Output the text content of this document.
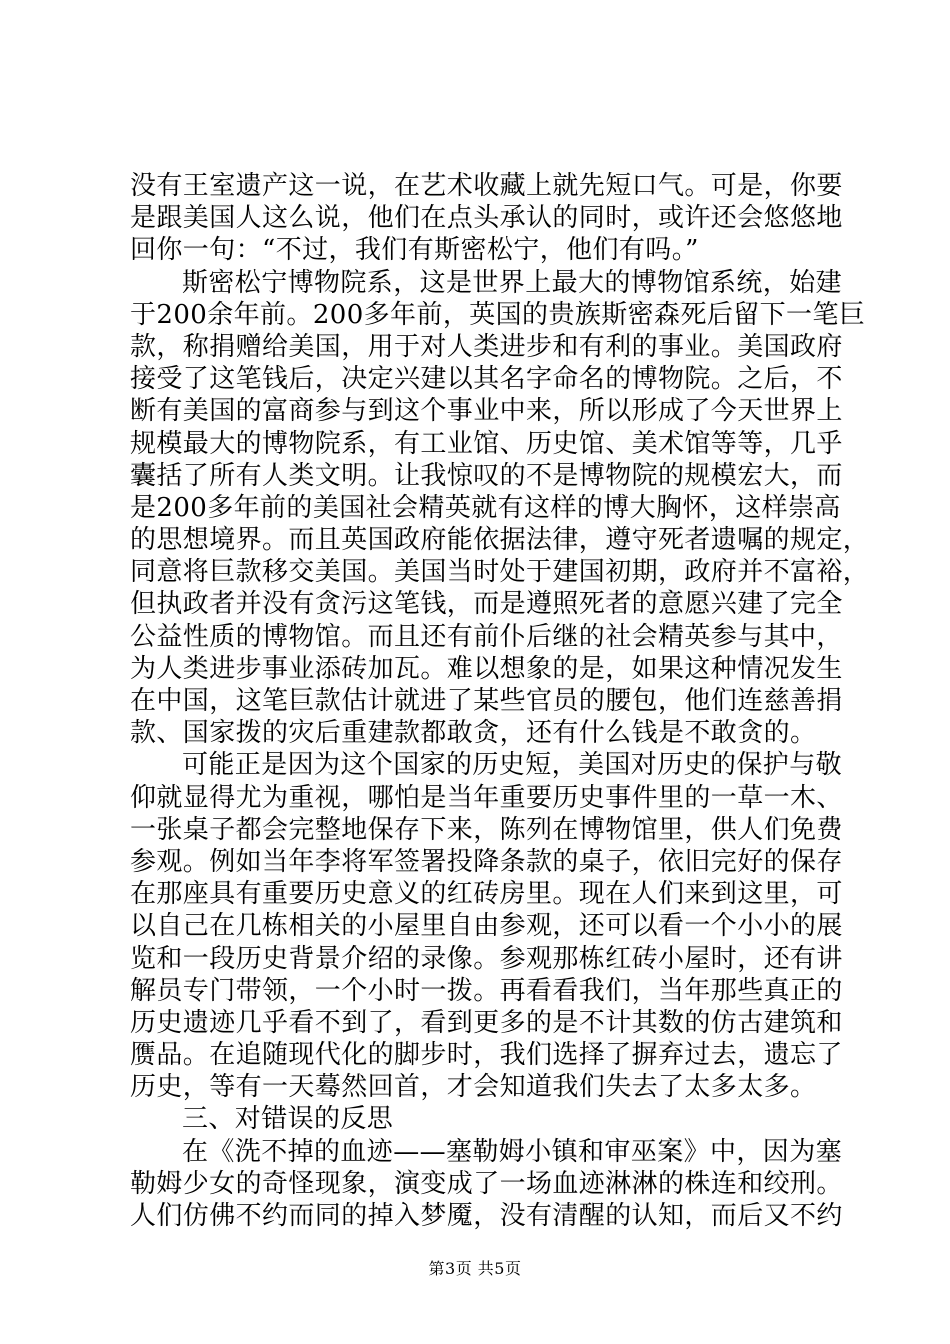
没有王室遗产这一说，在艺术收藏上就先短口气。可是，你要
是跟美国人这么说，他们在点头承认的同时，或许还会悠悠地
回你一句：“不过，我们有斯密松宁，他们有吗。”
斯密松宁博物院系，这是世界上最大的博物馆系统，始建
于200余年前。200多年前，英国的贵族斯密森死后留下一笔巨
款，称捐赠给美国，用于对人类进步和有利的事业。美国政府
接受了这笔钱后，决定兴建以其名字命名的博物院。之后，不
断有美国的富商参与到这个事业中来，所以形成了今天世界上
规模最大的博物院系，有工业馆、历史馆、美术馆等等，几乎
囊括了所有人类文明。让我惊叹的不是博物院的规模宏大，而
是200多年前的美国社会精英就有这样的博大胸怀，这样崇高
的思想境界。而且英国政府能依据法律，遵守死者遗嘱的规定，
同意将巨款移交美国。美国当时处于建国初期，政府并不富裕，
但执政者并没有贪污这笔钱，而是遵照死者的意愿兴建了完全
公益性质的博物馆。而且还有前仆后继的社会精英参与其中，
为人类进步事业添砖加瓦。难以想象的是，如果这种情况发生
在中国，这笔巨款估计就进了某些官员的腰包，他们连慈善捐
款、国家拨的灾后重建款都敢贪，还有什么钱是不敢贪的。
可能正是因为这个国家的历史短，美国对历史的保护与敬
仰就显得尤为重视，哪怕是当年重要历史事件里的一草一木、
一张桌子都会完整地保存下来，陈列在博物馆里，供人们免费
参观。例如当年李将军签署投降条款的桌子，依旧完好的保存
在那座具有重要历史意义的红砖房里。现在人们来到这里，可
以自己在几栋相关的小屋里自由参观，还可以看一个小小的展
览和一段历史背景介绍的录像。参观那栋红砖小屋时，还有讲
解员专门带领，一个小时一拨。再看看我们，当年那些真正的
历史遗迹几乎看不到了，看到更多的是不计其数的仿古建筑和
赝品。在追随现代化的脚步时，我们选择了摒弃过去，遗忘了
历史，等有一天蓦然回首，才会知道我们失去了太多太多。
三、对错误的反思
在《洗不掉的血迹——塞勒姆小镇和审巫案》中，因为塞
勒姆少女的奇怪现象，演变成了一场血迹淋淋的株连和绞刑。
人们仿佛不约而同的掉入梦魇，没有清醒的认知，而后又不约
第3页 共5页
